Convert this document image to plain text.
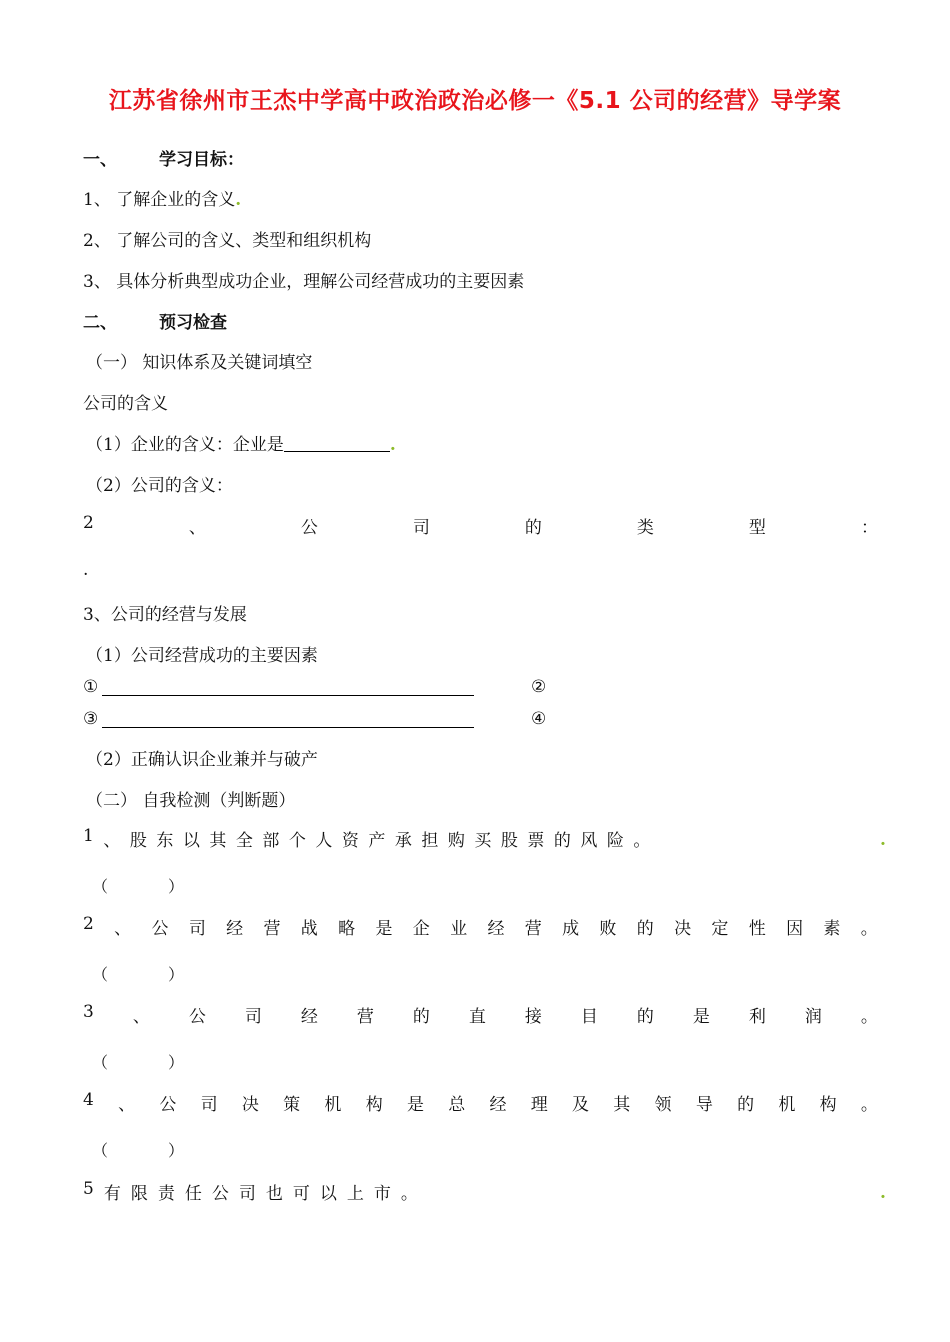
江苏省徐州市王杰中学高中政治政治必修一《5.1 公司的经营》导学案
一、 学习目标：
1、 了解企业的含义.
2、 了解公司的含义、类型和组织机构
3、 具体分析典型成功企业，理解公司经营成功的主要因素
二、 预习检查
（一） 知识体系及关键词填空
公司的含义
（1）企业的含义：企业是	.
（2）公司的含义：
2	、	公	司	的	类	型	：
.
3、公司的经营与发展
（1）公司经营成功的主要因素
①	②
③	④
（2）正确认识企业兼并与破产
（二） 自我检测（判断题）
1 、 股 东 以 其 全 部 个 人 资 产 承 担 购 买 股 票 的 风 险 。	.
（	）
2 、 公 司 经 营 战 略 是 企 业 经 营 成 败 的 决 定 性 因 素 。
（	）
3 、 公 司 经 营 的 直 接 目 的 是 利 润 。
（	）
4 、 公 司 决 策 机 构 是 总 经 理 及 其 领 导 的 机 构 。
（	）
5 有 限 责 任 公 司 也 可 以 上 市 。	.
